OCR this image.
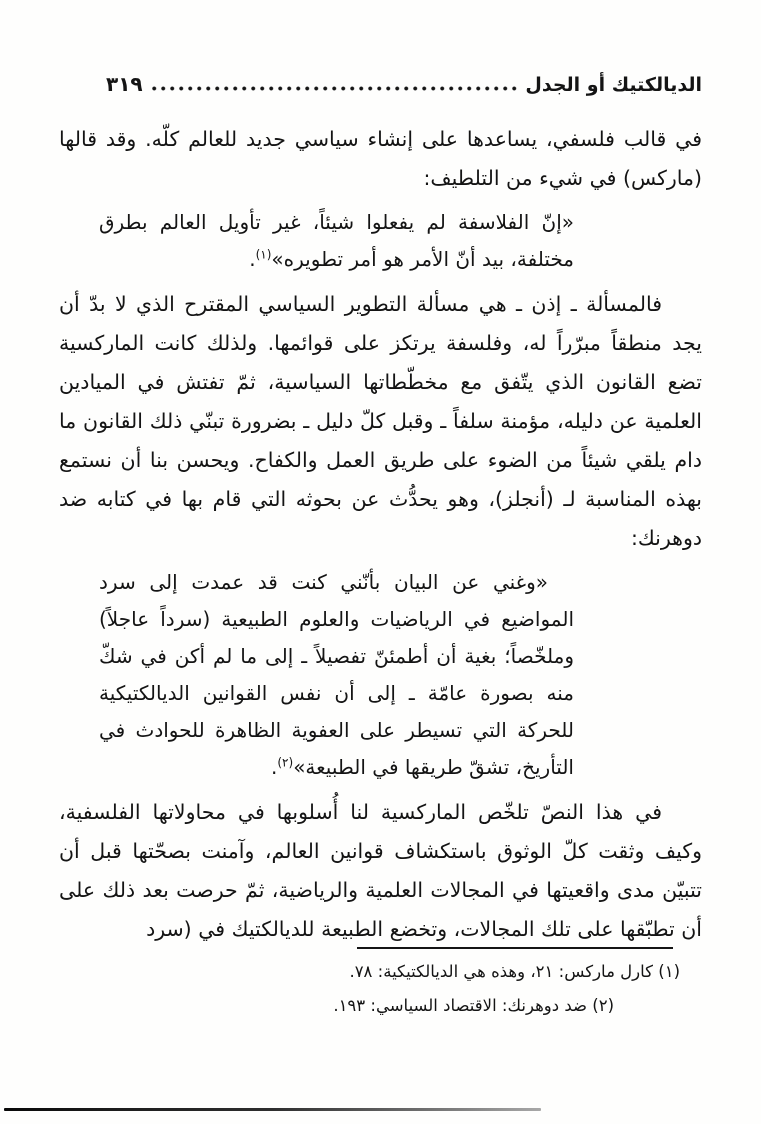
الديالكتيك أو الجدل
٣١٩

في قالب فلسفي، يساعدها على إنشاء سياسي جديد للعالم كلّه. وقد قالها (ماركس) في شيء من التلطيف:

«إنّ الفلاسفة لم يفعلوا شيئاً، غير تأويل العالم بطرق مختلفة، بيد أنّ الأمر هو أمر تطويره»$^{(١)}$.

فالمسألة ـ إذن ـ هي مسألة التطوير السياسي المقترح الذي لا بدّ أن يجد منطقاً مبرّراً له، وفلسفة يرتكز على قوائمها. ولذلك كانت الماركسية تضع القانون الذي يتّفق مع مخطّطاتها السياسية، ثمّ تفتش في الميادين العلمية عن دليله، مؤمنة سلفاً ـ وقبل كلّ دليل ـ بضرورة تبنّي ذلك القانون ما دام يلقي شيئاً من الضوء على طريق العمل والكفاح. ويحسن بنا أن نستمع بهذه المناسبة لـ (أنجلز)، وهو يحدُّث عن بحوثه التي قام بها في كتابه ضد دوهرنك:

«وغني عن البيان بأنّني كنت قد عمدت إلى سرد المواضيع في الرياضيات والعلوم الطبيعية (سرداً عاجلاً) وملخّصاً؛ بغية أن أطمئنّ تفصيلاً ـ إلى ما لم أكن في شكّ منه بصورة عامّة ـ إلى أن نفس القوانين الديالكتيكية للحركة التي تسيطر على العفوية الظاهرة للحوادث في التأريخ، تشقّ طريقها في الطبيعة»$^{(٢)}$.

في هذا النصّ تلخّص الماركسية لنا أُسلوبها في محاولاتها الفلسفية، وكيف وثقت كلّ الوثوق باستكشاف قوانين العالم، وآمنت بصحّتها قبل أن تتبيّن مدى واقعيتها في المجالات العلمية والرياضية، ثمّ حرصت بعد ذلك على أن تطبّقها على تلك المجالات، وتخضع الطبيعة للديالكتيك في (سرد

(١) كارل ماركس: ٢١، وهذه هي الديالكتيكية: ٧٨.

(٢) ضد دوهرنك: الاقتصاد السياسي: ١٩٣.
